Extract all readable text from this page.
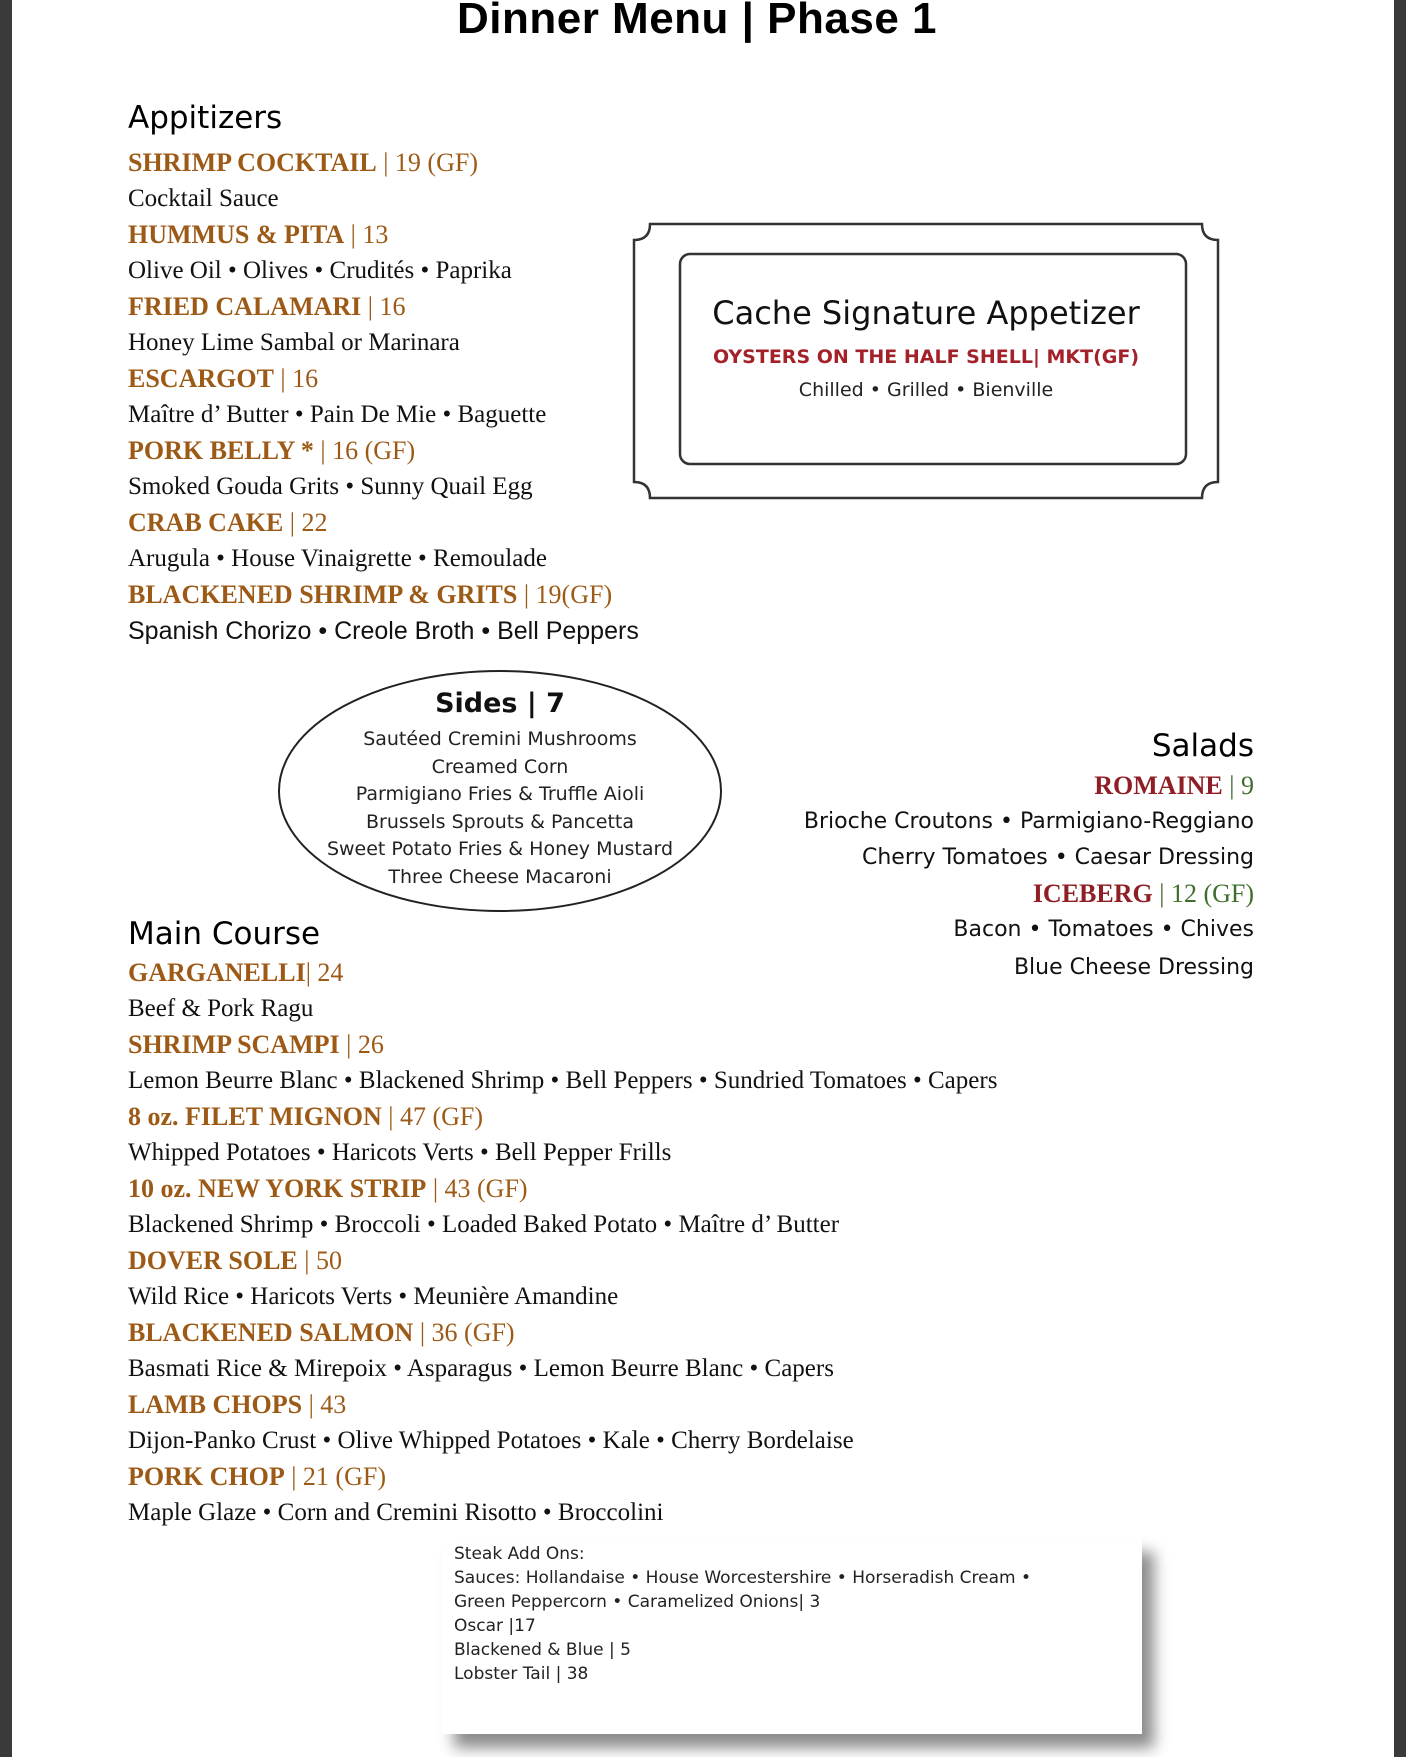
Dinner Menu | Phase 1
Appitizers
SHRIMP COCKTAIL | 19 (GF)
Cocktail Sauce
HUMMUS & PITA | 13
Olive Oil • Olives • Crudités • Paprika
FRIED CALAMARI | 16
Honey Lime Sambal or Marinara
ESCARGOT | 16
Maître d’ Butter • Pain De Mie • Baguette
PORK BELLY * | 16 (GF)
Smoked Gouda Grits • Sunny Quail Egg
CRAB CAKE | 22
Arugula • House Vinaigrette • Remoulade
BLACKENED SHRIMP & GRITS | 19(GF)
Spanish Chorizo • Creole Broth • Bell Peppers
Cache Signature Appetizer
OYSTERS ON THE HALF SHELL| MKT(GF)
Chilled • Grilled • Bienville
Sides | 7
Sautéed Cremini Mushrooms
Creamed Corn
Parmigiano Fries & Truffle Aioli
Brussels Sprouts & Pancetta
Sweet Potato Fries & Honey Mustard
Three Cheese Macaroni
Salads
ROMAINE | 9
Brioche Croutons • Parmigiano-Reggiano
Cherry Tomatoes • Caesar Dressing
ICEBERG | 12 (GF)
Bacon • Tomatoes • Chives
Blue Cheese Dressing
Main Course
GARGANELLI| 24
Beef & Pork Ragu
SHRIMP SCAMPI | 26
Lemon Beurre Blanc • Blackened Shrimp • Bell Peppers • Sundried Tomatoes • Capers
8 oz. FILET MIGNON | 47 (GF)
Whipped Potatoes • Haricots Verts • Bell Pepper Frills
10 oz. NEW YORK STRIP | 43 (GF)
Blackened Shrimp • Broccoli • Loaded Baked Potato • Maître d’ Butter
DOVER SOLE | 50
Wild Rice • Haricots Verts • Meunière Amandine
BLACKENED SALMON | 36 (GF)
Basmati Rice & Mirepoix • Asparagus • Lemon Beurre Blanc • Capers
LAMB CHOPS | 43
Dijon-Panko Crust • Olive Whipped Potatoes • Kale • Cherry Bordelaise
PORK CHOP | 21 (GF)
Maple Glaze • Corn and Cremini Risotto • Broccolini
Steak Add Ons:
Sauces: Hollandaise • House Worcestershire • Horseradish Cream •
Green Peppercorn • Caramelized Onions| 3
Oscar |17
Blackened & Blue | 5
Lobster Tail | 38
